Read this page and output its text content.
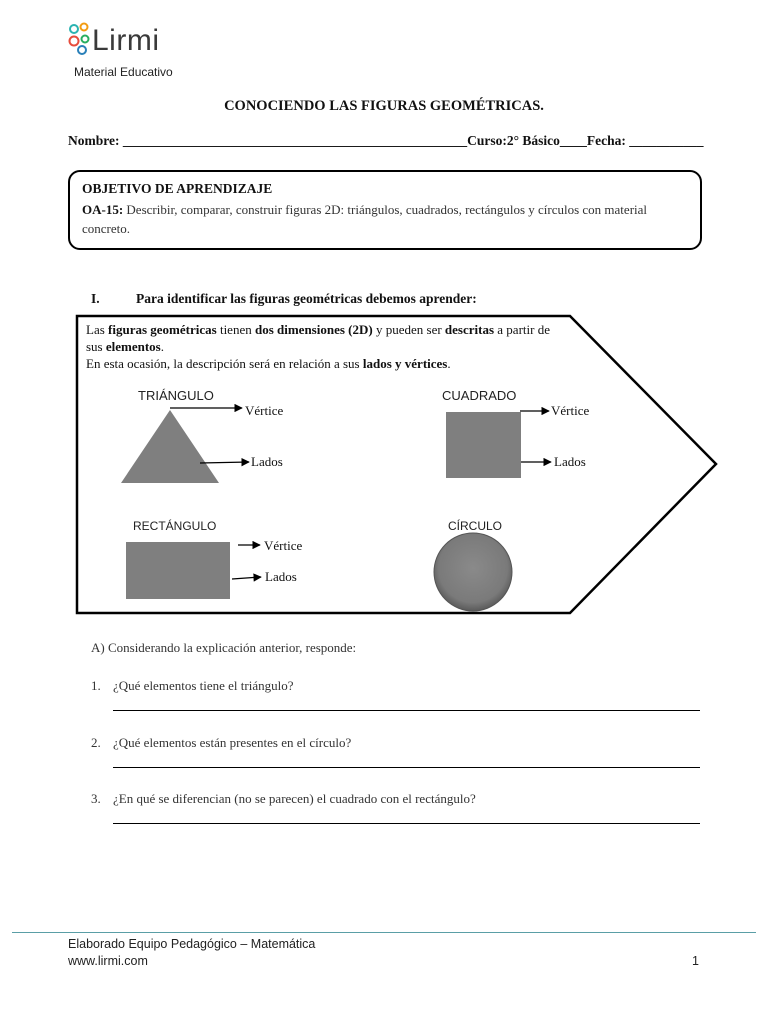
Lirmi
Material Educativo
CONOCIENDO LAS FIGURAS GEOMÉTRICAS.
Nombre: ___________________________________________________Curso:2° Básico____Fecha: ___________
OBJETIVO DE APRENDIZAJE
OA-15: Describir, comparar, construir figuras 2D: triángulos, cuadrados, rectángulos y círculos con material concreto.
I.	Para identificar las figuras geométricas debemos aprender:
Las figuras geométricas tienen dos dimensiones (2D) y pueden ser descritas a partir de sus elementos.
En esta ocasión, la descripción será en relación a sus lados y vértices.
TRIÁNGULO	CUADRADO
RECTÁNGULO	CÍRCULO
Vértice
Lados
Vértice
Lados
Vértice
Lados
A) Considerando la explicación anterior, responde:
1. ¿Qué elementos tiene el triángulo?
2. ¿Qué elementos están presentes en el círculo?
3. ¿En qué se diferencian (no se parecen) el cuadrado con el rectángulo?
Elaborado Equipo Pedagógico – Matemática
www.lirmi.com	1
